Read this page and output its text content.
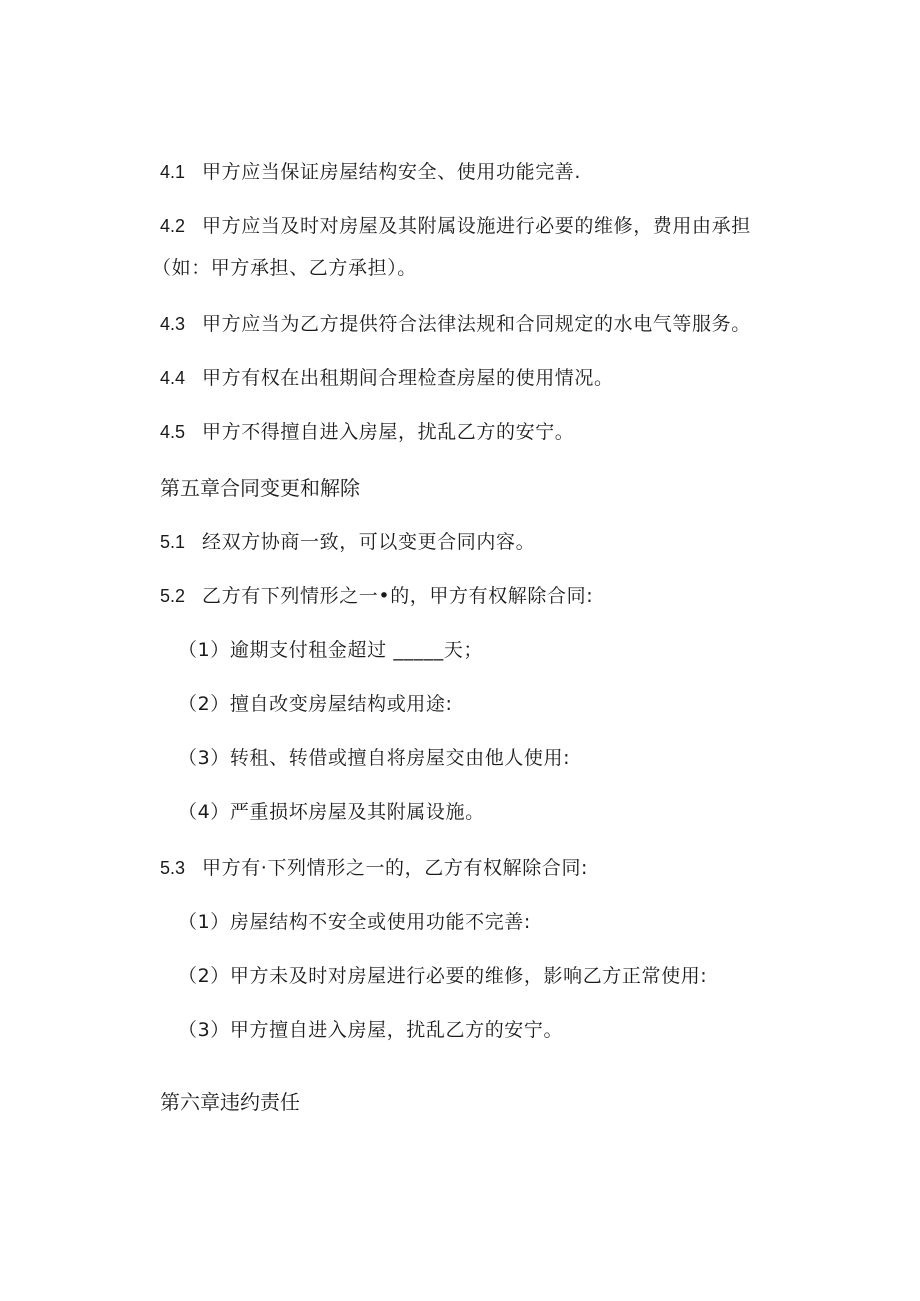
4.1 甲方应当保证房屋结构安全、使用功能完善.
4.2 甲方应当及时对房屋及其附属设施进行必要的维修，费用由承担
（如：甲方承担、乙方承担）。
4.3 甲方应当为乙方提供符合法律法规和合同规定的水电气等服务。
4.4 甲方有权在出租期间合理检查房屋的使用情况。
4.5 甲方不得擅自进入房屋，扰乱乙方的安宁。
第五章合同变更和解除
5.1 经双方协商一致，可以变更合同内容。
5.2 乙方有下列情形之一•的，甲方有权解除合同:
（1）逾期支付租金超过 _____天；
（2）擅自改变房屋结构或用途:
（3）转租、转借或擅自将房屋交由他人使用:
（4）严重损坏房屋及其附属设施。
5.3 甲方有·下列情形之一的，乙方有权解除合同:
（1）房屋结构不安全或使用功能不完善:
（2）甲方未及时对房屋进行必要的维修，影响乙方正常使用:
（3）甲方擅自进入房屋，扰乱乙方的安宁。
第六章违约责任
